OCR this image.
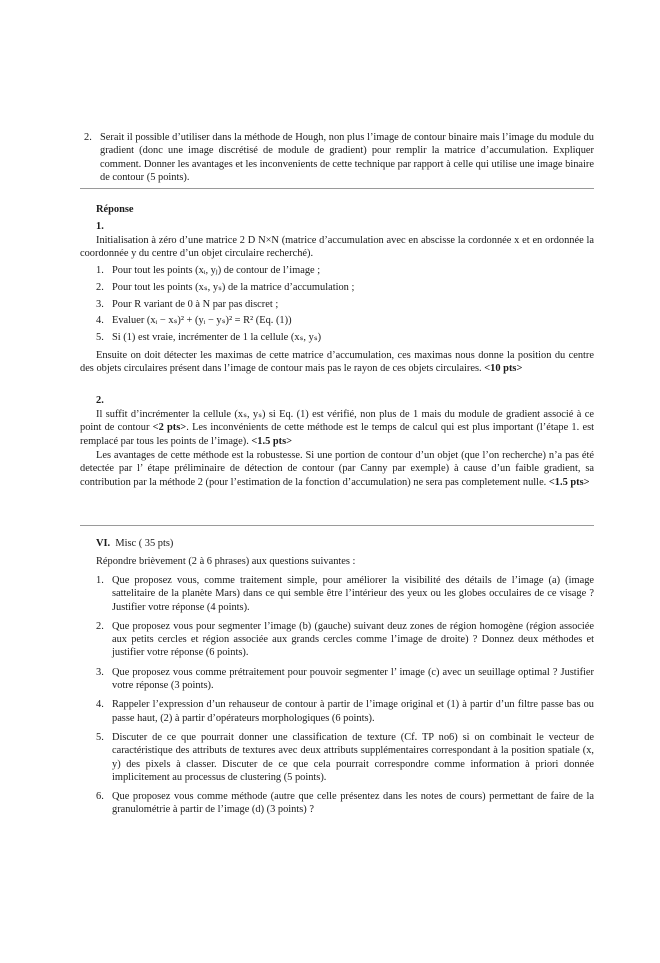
2. Serait il possible d’utiliser dans la méthode de Hough, non plus l’image de contour binaire mais l’image du module du gradient (donc une image discrétisé de module de gradient) pour remplir la matrice d’accumulation. Expliquer comment. Donner les avantages et les inconvenients de cette technique par rapport à celle qui utilise une image binaire de contour (5 points).
Réponse
1.
Initialisation à zéro d’une matrice 2 D N×N (matrice d’accumulation avec en abscisse la cordonnée x et en ordonnée la coordonnée y du centre d’un objet circulaire recherché).
1. Pour tout les points (xᵢ, yⱼ) de contour de l’image ;
2. Pour tout les points (xₛ, yₛ) de la matrice d’accumulation ;
3. Pour R variant de 0 à N par pas discret ;
4. Evaluer (xᵢ − xₛ)² + (yᵢ − yₛ)² = R² (Eq. (1))
5. Si (1) est vraie, incrémenter de 1 la cellule (xₛ, yₛ)
Ensuite on doit détecter les maximas de cette matrice d’accumulation, ces maximas nous donne la position du centre des objets circulaires présent dans l’image de contour mais pas le rayon de ces objets circulaires. <10 pts>
2.
Il suffit d’incrémenter la cellule (xₛ, yₛ) si Eq. (1) est vérifié, non plus de 1 mais du module de gradient associé à ce point de contour <2 pts>. Les inconvénients de cette méthode est le temps de calcul qui est plus important (l’étape 1. est remplacé par tous les points de l’image). <1.5 pts>
Les avantages de cette méthode est la robustesse. Si une portion de contour d’un objet (que l’on recherche) n’a pas été detectée par l’ étape préliminaire de détection de contour (par Canny par exemple) à cause d’un faible gradient, sa contribution par la méthode 2 (pour l’estimation de la fonction d’accumulation) ne sera pas completement nulle. <1.5 pts>
VI. Misc ( 35 pts)
Répondre brièvement (2 à 6 phrases) aux questions suivantes :
1. Que proposez vous, comme traitement simple, pour améliorer la visibilité des détails de l’image (a) (image sattelitaire de la planète Mars) dans ce qui semble être l’intérieur des yeux ou les globes occulaires de ce visage ? Justifier votre réponse (4 points).
2. Que proposez vous pour segmenter l’image (b) (gauche) suivant deuz zones de région homogène (région associée aux petits cercles et région associée aux grands cercles comme l’image de droite) ? Donnez deux méthodes et justifier votre réponse (6 points).
3. Que proposez vous comme prétraitement pour pouvoir segmenter l’ image (c) avec un seuillage optimal ? Justifier votre réponse (3 points).
4. Rappeler l’expression d’un rehauseur de contour à partir de l’image original et (1) à partir d’un filtre passe bas ou passe haut, (2) à partir d’opérateurs morphologiques (6 points).
5. Discuter de ce que pourrait donner une classification de texture (Cf. TP no6) si on combinait le vecteur de caractéristique des attributs de textures avec deux attributs supplémentaires correspondant à la position spatiale (x, y) des pixels à classer. Discuter de ce que cela pourrait correspondre comme information à priori donnée implicitement au processus de clustering (5 points).
6. Que proposez vous comme méthode (autre que celle présentez dans les notes de cours) permettant de faire de la granulométrie à partir de l’image (d) (3 points) ?
